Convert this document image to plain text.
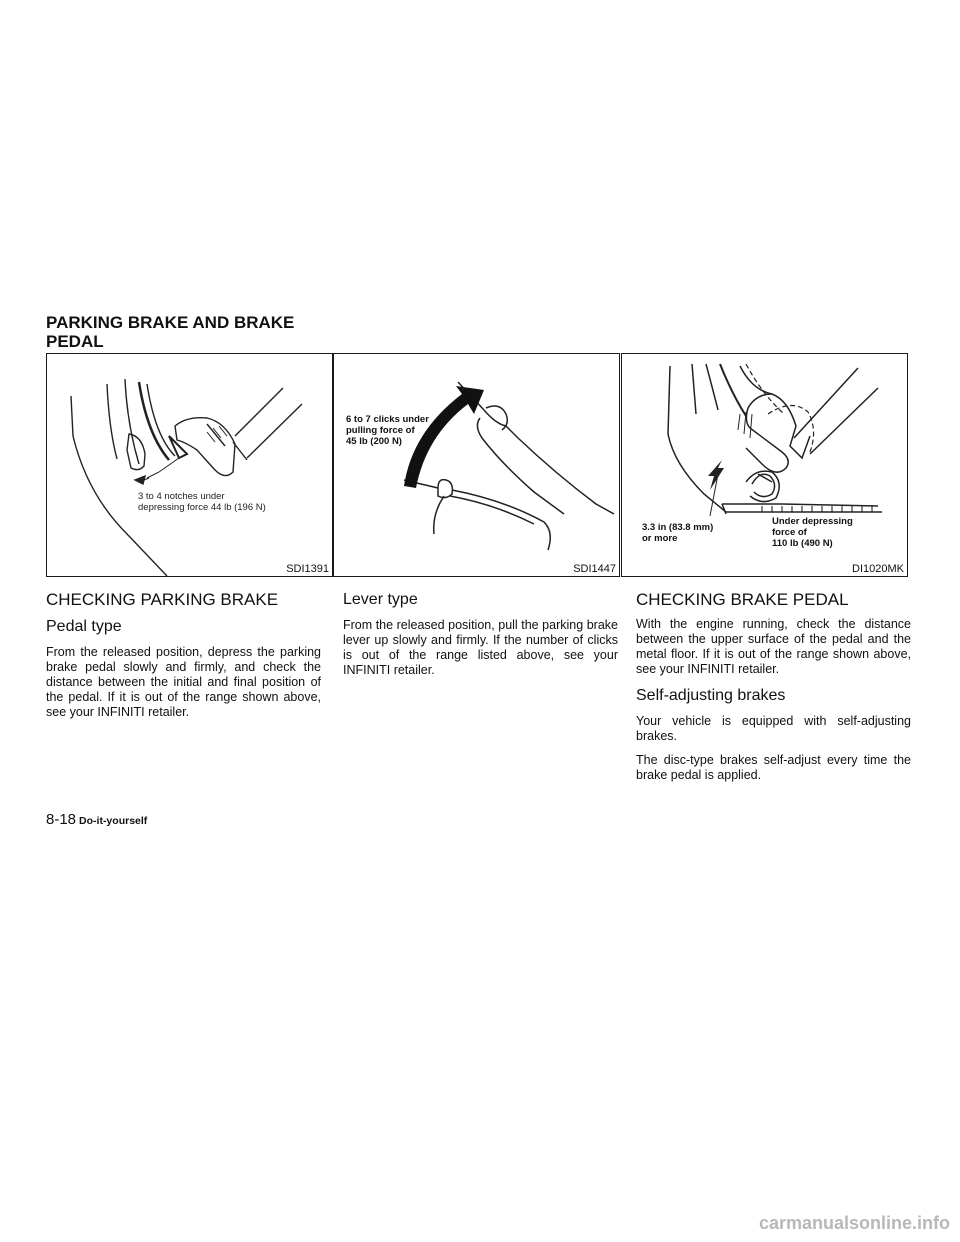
PARKING BRAKE AND BRAKE PEDAL
3 to 4 notches under
depressing force 44 lb (196 N)
SDI1391
6 to 7 clicks under
pulling force of
45 lb (200 N)
SDI1447
3.3 in (83.8 mm)
or more
Under depressing
force of
110 lb (490 N)
DI1020MK
CHECKING PARKING BRAKE
Pedal type

From the released position, depress the parking brake pedal slowly and firmly, and check the distance between the initial and final position of the pedal. If it is out of the range shown above, see your INFINITI retailer.

Lever type

From the released position, pull the parking brake lever up slowly and firmly. If the number of clicks is out of the range listed above, see your INFINITI retailer.

CHECKING BRAKE PEDAL

With the engine running, check the distance between the upper surface of the pedal and the metal floor. If it is out of the range shown above, see your INFINITI retailer.

Self-adjusting brakes

Your vehicle is equipped with self-adjusting brakes.

The disc-type brakes self-adjust every time the brake pedal is applied.

8-18 Do-it-yourself
carmanualsonline.info
